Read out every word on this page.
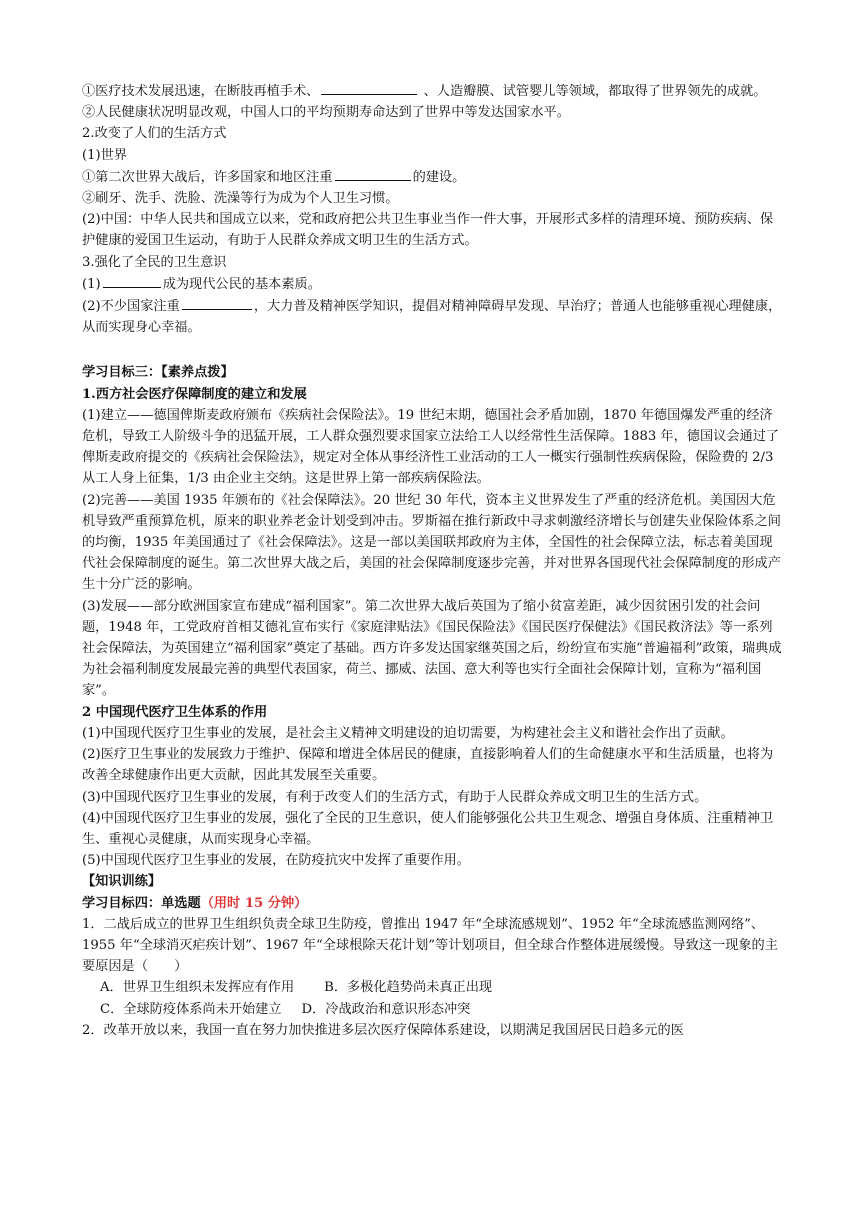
①医疗技术发展迅速，在断肢再植手术、	、人造瓣膜、试管婴儿等领域，都取得了世界领先的成就。

②人民健康状况明显改观，中国人口的平均预期寿命达到了世界中等发达国家水平。

2.改变了人们的生活方式

(1)世界

①第二次世界大战后，许多国家和地区注重	的建设。

②刷牙、洗手、洗脸、洗澡等行为成为个人卫生习惯。

(2)中国：中华人民共和国成立以来，党和政府把公共卫生事业当作一件大事，开展形式多样的清理环境、预防疾病、保护健康的爱国卫生运动，有助于人民群众养成文明卫生的生活方式。

3.强化了全民的卫生意识

(1)	成为现代公民的基本素质。

(2)不少国家注重	，大力普及精神医学知识，提倡对精神障碍早发现、早治疗；普通人也能够重视心理健康，从而实现身心幸福。

学习目标三：【素养点拨】

1.西方社会医疗保障制度的建立和发展

(1)建立——德国俾斯麦政府颁布《疾病社会保险法》。19 世纪末期，德国社会矛盾加剧，1870 年德国爆发严重的经济危机，导致工人阶级斗争的迅猛开展，工人群众强烈要求国家立法给工人以经常性生活保障。1883 年，德国议会通过了俾斯麦政府提交的《疾病社会保险法》，规定对全体从事经济性工业活动的工人一概实行强制性疾病保险，保险费的 2/3 从工人身上征集，1/3 由企业主交纳。这是世界上第一部疾病保险法。

(2)完善——美国 1935 年颁布的《社会保障法》。20 世纪 30 年代，资本主义世界发生了严重的经济危机。美国因大危机导致严重预算危机，原来的职业养老金计划受到冲击。罗斯福在推行新政中寻求刺激经济增长与创建失业保险体系之间的均衡，1935 年美国通过了《社会保障法》。这是一部以美国联邦政府为主体，全国性的社会保障立法，标志着美国现代社会保障制度的诞生。第二次世界大战之后，美国的社会保障制度逐步完善，并对世界各国现代社会保障制度的形成产生十分广泛的影响。

(3)发展——部分欧洲国家宣布建成“福利国家”。第二次世界大战后英国为了缩小贫富差距，减少因贫困引发的社会问题，1948 年，工党政府首相艾德礼宣布实行《家庭津贴法》《国民保险法》《国民医疗保健法》《国民救济法》等一系列社会保障法，为英国建立“福利国家”奠定了基础。西方许多发达国家继英国之后，纷纷宣布实施“普遍福利”政策，瑞典成为社会福利制度发展最完善的典型代表国家，荷兰、挪威、法国、意大利等也实行全面社会保障计划，宣称为“福利国家”。

2 中国现代医疗卫生体系的作用

(1)中国现代医疗卫生事业的发展，是社会主义精神文明建设的迫切需要，为构建社会主义和谐社会作出了贡献。

(2)医疗卫生事业的发展致力于维护、保障和增进全体居民的健康，直接影响着人们的生命健康水平和生活质量，也将为改善全球健康作出更大贡献，因此其发展至关重要。

(3)中国现代医疗卫生事业的发展，有利于改变人们的生活方式，有助于人民群众养成文明卫生的生活方式。

(4)中国现代医疗卫生事业的发展，强化了全民的卫生意识，使人们能够强化公共卫生观念、增强自身体质、注重精神卫生、重视心灵健康，从而实现身心幸福。

(5)中国现代医疗卫生事业的发展，在防疫抗灾中发挥了重要作用。

【知识训练】

学习目标四：单选题（用时 15 分钟）

1．二战后成立的世界卫生组织负责全球卫生防疫，曾推出 1947 年“全球流感规划”、1952 年“全球流感监测网络”、1955 年“全球消灭疟疾计划”、1967 年“全球根除天花计划”等计划项目，但全球合作整体进展缓慢。导致这一现象的主要原因是（　　）

A．世界卫生组织未发挥应有作用 B．多极化趋势尚未真正出现

C．全球防疫体系尚未开始建立 D．冷战政治和意识形态冲突

2．改革开放以来，我国一直在努力加快推进多层次医疗保障体系建设，以期满足我国居民日趋多元的医
